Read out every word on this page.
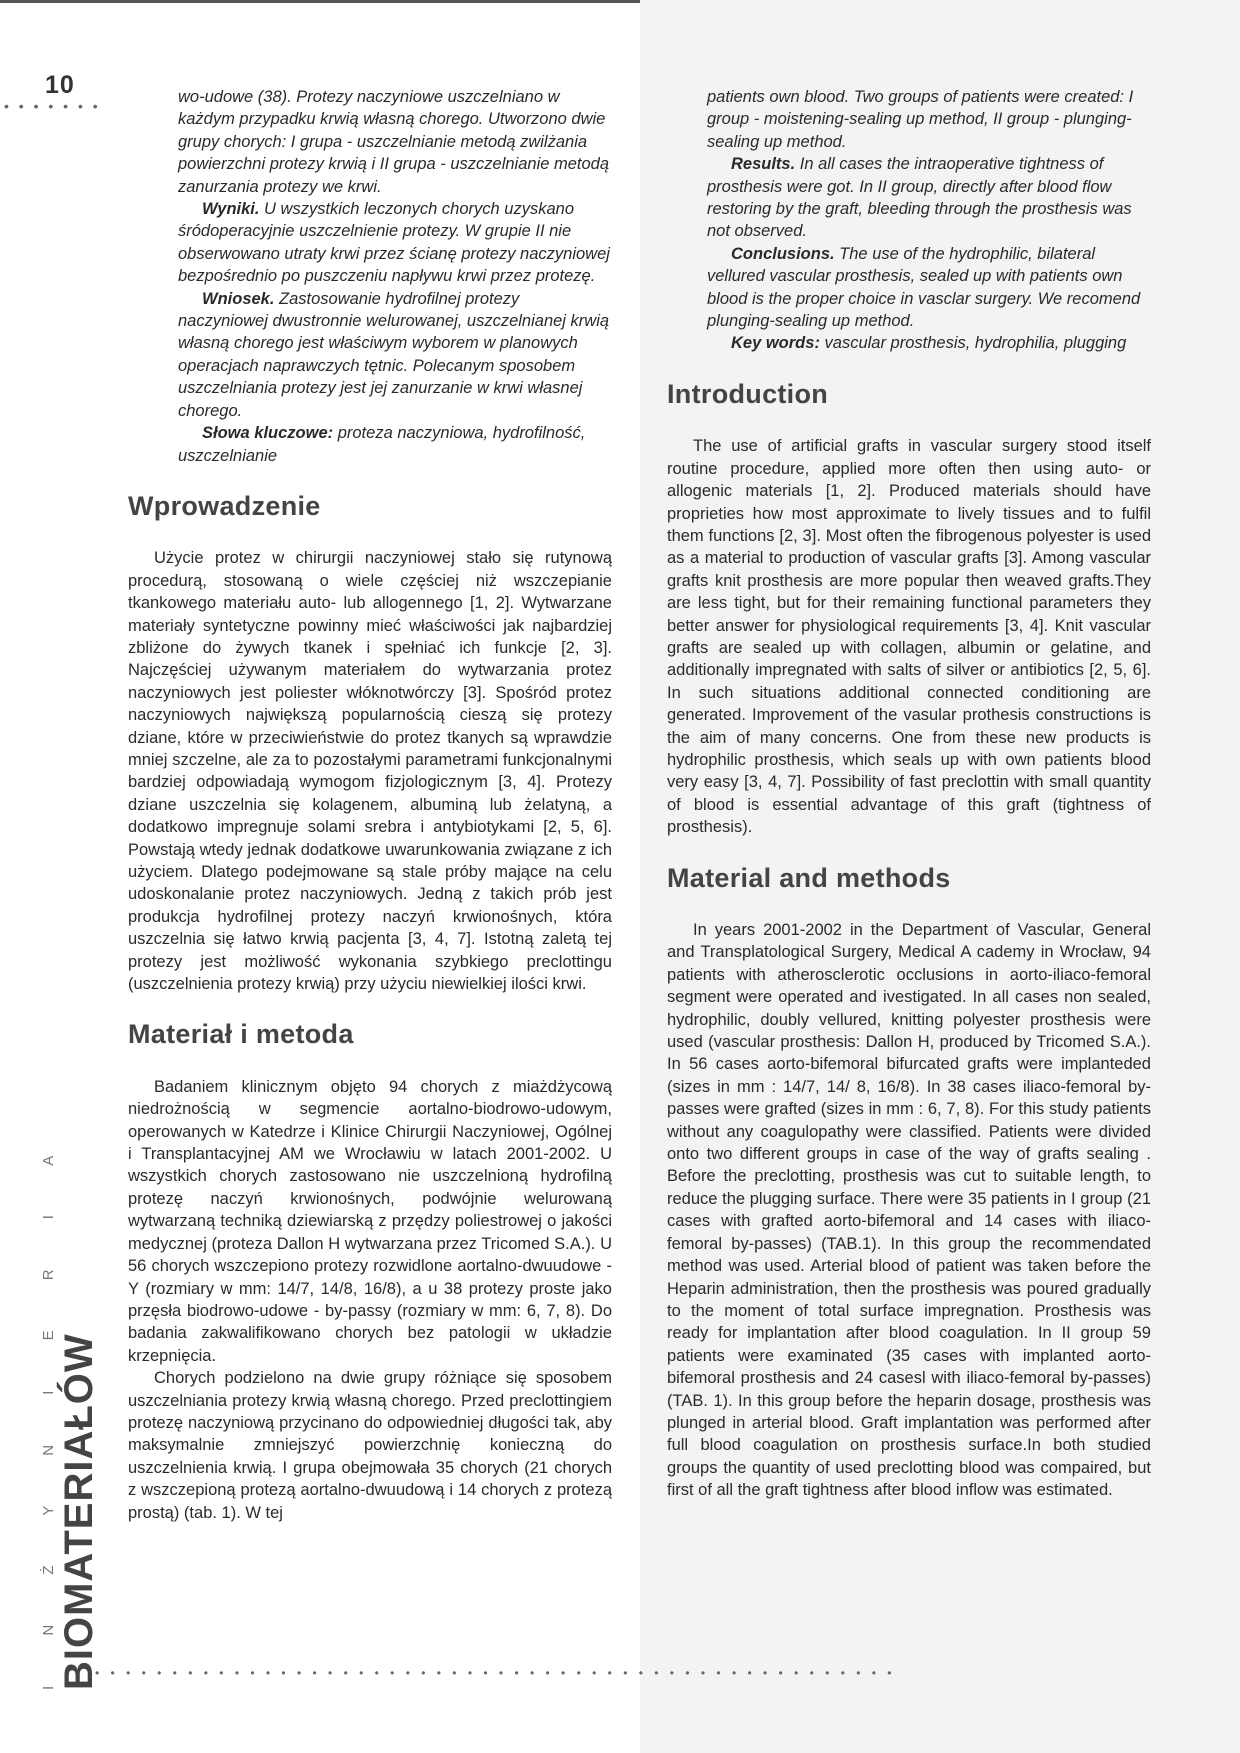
10
• • • • • • •
I N Ż Y N I E R I A BIOMATERIAŁÓW
• • • • • • • • • • • • • • • • • • • • • • • • • • • • • • • • • • • • • • • • • • • • • • • • • • • •

wo-udowe (38). Protezy naczyniowe uszczelniano w każdym przypadku krwią własną chorego. Utworzono dwie grupy chorych: I grupa - uszczelnianie metodą zwilżania powierzchni protezy krwią i II grupa - uszczelnianie metodą zanurzania protezy we krwi.

Wyniki. U wszystkich leczonych chorych uzyskano śródoperacyjnie uszczelnienie protezy. W grupie II nie obserwowano utraty krwi przez ścianę protezy naczyniowej bezpośrednio po puszczeniu napływu krwi przez protezę.

Wniosek. Zastosowanie hydrofilnej protezy naczyniowej dwustronnie welurowanej, uszczelnianej krwią własną chorego jest właściwym wyborem w planowych operacjach naprawczych tętnic. Polecanym sposobem uszczelniania protezy jest jej zanurzanie w krwi własnej chorego.

Słowa kluczowe: proteza naczyniowa, hydrofilność, uszczelnianie

Wprowadzenie

Użycie protez w chirurgii naczyniowej stało się rutynową procedurą, stosowaną o wiele częściej niż wszczepianie tkankowego materiału auto- lub allogennego [1, 2]. Wytwarzane materiały syntetyczne powinny mieć właściwości jak najbardziej zbliżone do żywych tkanek i spełniać ich funkcje [2, 3]. Najczęściej używanym materiałem do wytwarzania protez naczyniowych jest poliester włóknotwórczy [3]. Spośród protez naczyniowych największą popularnością cieszą się protezy dziane, które w przeciwieństwie do protez tkanych są wprawdzie mniej szczelne, ale za to pozostałymi parametrami funkcjonalnymi bardziej odpowiadają wymogom fizjologicznym [3, 4]. Protezy dziane uszczelnia się kolagenem, albuminą lub żelatyną, a dodatkowo impregnuje solami srebra i antybiotykami [2, 5, 6]. Powstają wtedy jednak dodatkowe uwarunkowania związane z ich użyciem. Dlatego podejmowane są stale próby mające na celu udoskonalanie protez naczyniowych. Jedną z takich prób jest produkcja hydrofilnej protezy naczyń krwionośnych, która uszczelnia się łatwo krwią pacjenta [3, 4, 7]. Istotną zaletą tej protezy jest możliwość wykonania szybkiego preclottingu (uszczelnienia protezy krwią) przy użyciu niewielkiej ilości krwi.

Materiał i metoda

Badaniem klinicznym objęto 94 chorych z miażdżycową niedrożnością w segmencie aortalno-biodrowo-udowym, operowanych w Katedrze i Klinice Chirurgii Naczyniowej, Ogólnej i Transplantacyjnej AM we Wrocławiu w latach 2001-2002. U wszystkich chorych zastosowano nie uszczelnioną hydrofilną protezę naczyń krwionośnych, podwójnie welurowaną wytwarzaną techniką dziewiarską z przędzy poliestrowej o jakości medycznej (proteza Dallon H wytwarzana przez Tricomed S.A.). U 56 chorych wszczepiono protezy rozwidlone aortalno-dwuudowe - Y (rozmiary w mm: 14/7, 14/8, 16/8), a u 38 protezy proste jako przęsła biodrowo-udowe - by-passy (rozmiary w mm: 6, 7, 8). Do badania zakwalifikowano chorych bez patologii w układzie krzepnięcia.

Chorych podzielono na dwie grupy różniące się sposobem uszczelniania protezy krwią własną chorego. Przed preclottingiem protezę naczyniową przycinano do odpowiedniej długości tak, aby maksymalnie zmniejszyć powierzchnię konieczną do uszczelnienia krwią. I grupa obejmowała 35 chorych (21 chorych z wszczepioną protezą aortalno-dwuudową i 14 chorych z protezą prostą) (tab. 1). W tej

patients own blood. Two groups of patients were created: I group - moistening-sealing up method, II group - plunging-sealing up method.

Results. In all cases the intraoperative tightness of prosthesis were got. In II group, directly after blood flow restoring by the graft, bleeding through the prosthesis was not observed.

Conclusions. The use of the hydrophilic, bilateral vellured vascular prosthesis, sealed up with patients own blood is the proper choice in vasclar surgery. We recomend plunging-sealing up method.

Key words: vascular prosthesis, hydrophilia, plugging

Introduction

The use of artificial grafts in vascular surgery stood itself routine procedure, applied more often then using auto- or allogenic materials [1, 2]. Produced materials should have proprieties how most approximate to lively tissues and to fulfil them functions [2, 3]. Most often the fibrogenous polyester is used as a material to production of vascular grafts [3]. Among vascular grafts knit prosthesis are more popular then weaved grafts.They are less tight, but for their remaining functional parameters they better answer for physiological requirements [3, 4]. Knit vascular grafts are sealed up with collagen, albumin or gelatine, and additionally impregnated with salts of silver or antibiotics [2, 5, 6]. In such situations additional connected conditioning are generated. Improvement of the vasular prothesis constructions is the aim of many concerns. One from these new products is hydrophilic prosthesis, which seals up with own patients blood very easy [3, 4, 7]. Possibility of fast preclottin with small quantity of blood is essential advantage of this graft (tightness of prosthesis).

Material and methods

In years 2001-2002 in the Department of Vascular, General and Transplatological Surgery, Medical A cademy in Wrocław, 94 patients with atherosclerotic occlusions in aorto-iliaco-femoral segment were operated and ivestigated. In all cases non sealed, hydrophilic, doubly vellured, knitting polyester prosthesis were used (vascular prosthesis: Dallon H, produced by Tricomed S.A.). In 56 cases aorto-bifemoral bifurcated grafts were implanteded (sizes in mm : 14/7, 14/ 8, 16/8). In 38 cases iliaco-femoral by-passes were grafted (sizes in mm : 6, 7, 8). For this study patients without any coagulopathy were classified. Patients were divided onto two different groups in case of the way of grafts sealing . Before the preclotting, prosthesis was cut to suitable length, to reduce the plugging surface. There were 35 patients in I group (21 cases with grafted aorto-bifemoral and 14 cases with iliaco-femoral by-passes) (TAB.1). In this group the recommendated method was used. Arterial blood of patient was taken before the Heparin administration, then the prosthesis was poured gradually to the moment of total surface impregnation. Prosthesis was ready for implantation after blood coagulation. In II group 59 patients were examinated (35 cases with implanted aorto-bifemoral prosthesis and 24 casesl with iliaco-femoral by-passes) (TAB. 1). In this group before the heparin dosage, prosthesis was plunged in arterial blood. Graft implantation was performed after full blood coagulation on prosthesis surface.In both studied groups the quantity of used preclotting blood was compaired, but first of all the graft tightness after blood inflow was estimated.
